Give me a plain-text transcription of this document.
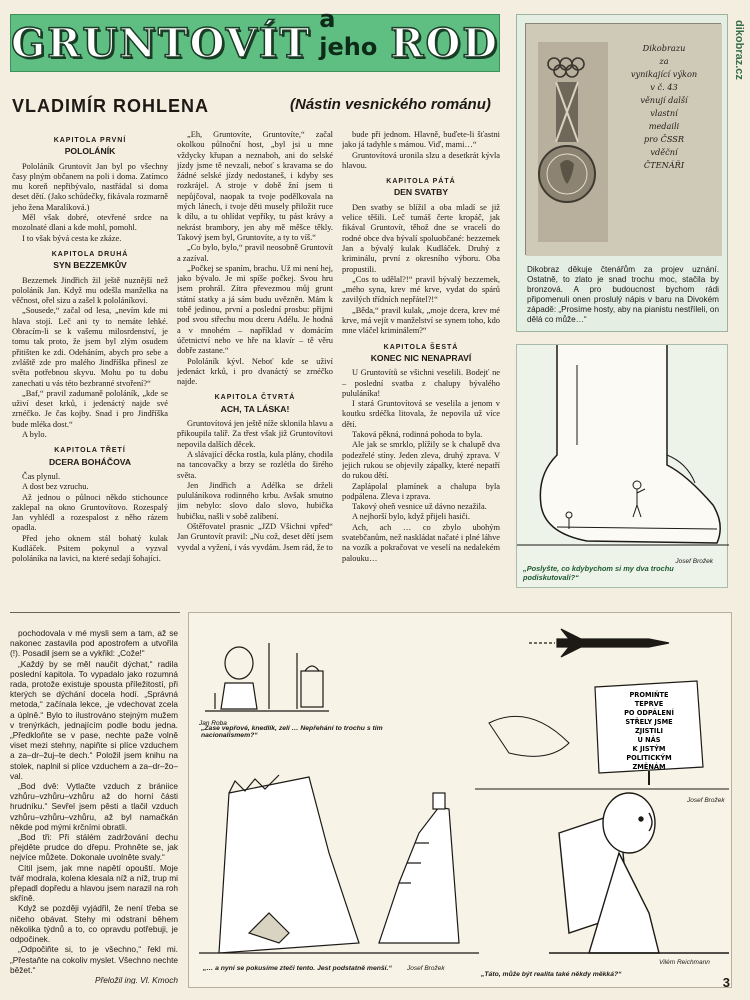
GRUNTOVÍT
a jeho ROD
VLADIMÍR ROHLENA	(Nástin vesnického románu)
dikobraz.cz
KAPITOLA PRVNÍ
POLOLÁNÍK

Pololáník Gruntovít Jan byl po všechny časy plným občanem na poli i doma. Zatímco mu koreň nepřibývalo, nastřádal si doma deset dětí. (Jako schůdečky, fikávala rozmarně jeho žena Maralíková.)

Měl však dobré, otevřené srdce na mozolnaté dlani a kde mohl, pomohl.

I to však bývá cesta ke zkáze.

KAPITOLA DRUHÁ
SYN BEZZEMKŮV

Bezzemek Jindřich žil ještě nuznější než pololáník Jan. Když mu odešla manželka na věčnost, ořel sizu a zašel k pololáníkovi.

„Sousede,“ začal od lesa, „nevím kde mi hlava stojí. Leč ani ty to nemáte lehké. Obracím-li se k vašemu milosrdenství, je tomu tak proto, že jsem byl zlým osudem přitišten ke zdi. Odeháním, abych pro sebe a zvláště zde pro malého Jindříška přinesl ze světa potřebnou skyvu. Mohu po tu dobu zanechati u vás této bezbranné stvoření?“

„Baf,“ pravil zadumaně pololáník, „kde se uživí deset krků, i jedenáctý najde své zrnéčko. Je čas kojby. Snad i pro Jindříška bude mléka dost.“

A bylo.

KAPITOLA TŘETÍ
DCERA BOHÁČOVA

Čas plynul.

A dost bez vzruchu.

Až jednou o půlnoci někdo stichounce zaklepal na okno Gruntovítovo. Rozespalý Jan vyhlédl a rozespalost z něho rázem opadla.

Před jeho oknem stál bohatý kulak Kudláček. Psitem pokynul a vyzval pololáníka na lavici, na které sedají šohajíci.

„Eh, Gruntovíte, Gruntovíte,“ začal okolkou půlnoční host, „byl jsi u mne vždycky křupan a neznaboh, ani do selské jízdy jsme tě nevzali, neboť s kravama se do žádné selské jízdy nedostaneš, i kdyby ses rozkrájel. A stroje v době žní jsem ti nepůjčoval, naopak ta tvoje podělkovala na mých lánech, i tvoje děti musely přiložit ruce k dílu, a tu ohlídat vepříky, tu pást krávy a nekrást brambory, jen aby mě měšce těkly. Takový jsem byl, Gruntovíte, a ty to víš.“

„Co bylo, bylo,“ pravil neosobně Gruntovít a zazíval.

„Počkej se spaním, brachu. Už mi není hej, jako bývalo. Je mi spíše počkej. Svou hru jsem prohrál. Zítra převezmou můj grunt státní statky a já sám budu uvězněn. Mám k tobě jedinou, první a poslední prosbu: přijmi pod svou střechu mou dceru Adélu. Je hodná a v mnohém – například v domácím účetnictví nebo ve hře na klavír – tě věru dobře zastane.“

Pololáník kývl. Neboť kde se uživí jedenáct krků, i pro dvanáctý se zrnéčko najde.

KAPITOLA ČTVRTÁ
ACH, TA LÁSKA!

Gruntovítová jen ještě níže sklonila hlavu a přikoupila talíř. Za třest však již Gruntovítovi nepovila dalších děcek.

A slávající děcka rostla, kula plány, chodila na tancovačky a brzy se rozlétla do širého světa.

Jen Jindřich a Adélka se drželi pululáníkova rodinného krbu. Avšak smutno jim nebylo: slovo dalo slovo, hubička hubičku, našli v sobě zalíbení.

Oštěřovatel prasnic „JZD Všichni vpřed“ Jan Gruntovít pravil: „Nu což, deset dětí jsem vyvdal a vyžení, i vás vyvdám. Jsem rád, že to

bude při jednom. Hlavně, buďete-li šťastni jako já tadyhle s mámou. Viď, mami…“

Gruntovítová uronila slzu a desetkrát kývla hlavou.

KAPITOLA PÁTÁ
DEN SVATBY

Den svatby se blížil a oba mladí se již velice těšili. Leč tumáš čerte kropáč, jak fikával Gruntovít, těhož dne se vracelí do rodné obce dva bývalí spoluobčané: bezzemek Jan a bývalý kulak Kudláček. Druhý z kriminálu, první z okresního výboru. Oba propustili.

„Cos to udělal?!“ pravil bývalý bezzemek, „mého syna, krev mé krve, vydat do spárů zavilých třídních nepřátel?!“

„Běda,“ pravil kulak, „moje dcera, krev mé krve, má vejít v manželství se synem toho, kdo mne vláčel kriminálem?“

KAPITOLA ŠESTÁ
KONEC NIC NENAPRAVÍ

U Gruntovítů se všichni veselili. Bodejť ne – poslední svatba z chalupy bývalého pululáníka!

I stará Gruntovítová se veselila a jenom v koutku srdéčka litovala, že nepovila už více dětí.

Taková pěkná, rodinná pohoda to byla.

Ale jak se smrklo, plížily se k chalupě dva podezřelé stíny. Jeden zleva, druhý zprava. V jejich rukou se objevily zápalky, které nepatří do rukou dětí.

Zaplápolal plamínek a chalupa byla podpálena. Zleva i zprava.

Takový oheň vesnice už dávno nezažila.

A nejhorší bylo, když přijeli hasiči.

Ach, ach … co zbylo ubohým svatebčanům, než naskládat načaté i plné láhve na vozík a pokračovat ve veselí na nedalekém palouku…

pochodovala v mé mysli sem a tam, až se nakonec zastavila pod apostrofem a utvořila (!). Posadil jsem se a vykřikl: „Cože!“

„Každý by se měl naučit dýchat,“ radila poslední kapitola. To vypadalo jako rozumná rada, protože existuje spousta příležitostí, při kterých se dýchání docela hodí. „Správná metoda,“ začínala lekce, „je vdechovat zcela a úplně.“ Bylo to ilustrováno stejným mužem v trenýrkách, jednajícím podle bodu jedna. „Předkloňte se v pase, nechte paže volně viset mezi stehny, napiňte si plíce vzduchem a za–dr–žuj–te dech.“ Položil jsem knihu na stolek, naplnil si plíce vzduchem a za–dr–žo–val.

„Bod dvě: Vytlačte vzduch z brániice vzhůru–vzhůru–vzhůru až do horní části hrudníku.“ Sevřel jsem pěsti a tlačil vzduch vzhůru–vzhůru–vzhůru, až byl namačkán někde pod mými krčními obratli.

„Bod tři: Při stálém zadržování dechu přejděte prudce do dřepu. Prohněte se, jak nejvíce můžete. Dokonale uvolněte svaly.“

Cítil jsem, jak mne napětí opouští. Moje tvář modrala, kolena klesala níž a níž, trup mi přepadl dopředu a hlavou jsem narazil na roh skříně.

Když se později vyjádřil, že není třeba se ničeho obávat. Stehy mi odstraní během několika týdnů a to, co opravdu potřebuji, je odpočinek.

„Odpočiňte si, to je všechno,“ řekl mi. „Přestaňte na cokoliv myslet. Všechno nechte běžet.“

Přeložil ing. Vl. Kmoch

Dikobrazu
za
vynikající výkon
v č. 43
věnují další
vlastní
medaili
pro ČSSR
vděční
ČTENÁŘI
Dikobraz děkuje čtenářům za projev uznání. Ostatně, to zlato je snad trochu moc, stačila by bronzová. A pro budoucnost bychom rádi připomenuli onen proslulý nápis v baru na Divokém západě: „Prosíme hosty, aby na pianistu nestříleli, on dělá co může…“
Josef Brožek
„Poslyšte, co kdybychom si my dva trochu podiskutovali?“
Jan Roba
PROMIŇTE
TEPRVE
PO ODPÁLENÍ
STŘELY JSME
ZJISTILI
U NÁS
K JISTÝM
POLITICKÝM
ZMĚNÁM
„Zase vepřové, knedlík, zelí … Nepřehání to trochu s tím nacionalismem?“
Josef Brožek
Josef Brožek
„… a nyní se pokusíme zteči tento. Jest podstatně menší.“
Vilém Reichmann
„Táto, může být realita také někdy měkká?“
3
